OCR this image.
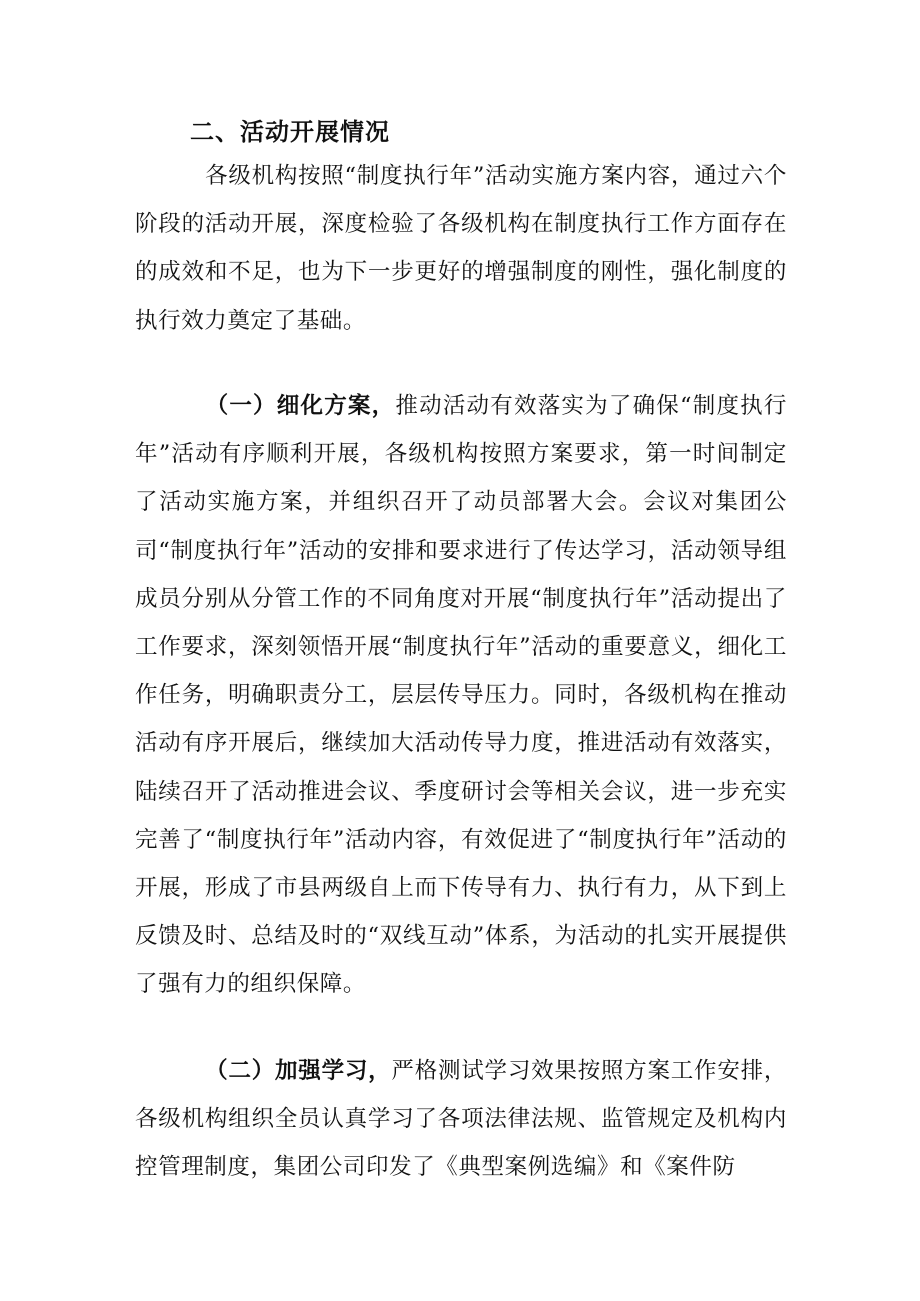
二、活动开展情况

各级机构按照“制度执行年”活动实施方案内容，通过六个阶段的活动开展，深度检验了各级机构在制度执行工作方面存在的成效和不足，也为下一步更好的增强制度的刚性，强化制度的执行效力奠定了基础。

（一）细化方案，推动活动有效落实为了确保“制度执行年”活动有序顺利开展，各级机构按照方案要求，第一时间制定了活动实施方案，并组织召开了动员部署大会。会议对集团公司“制度执行年”活动的安排和要求进行了传达学习，活动领导组成员分别从分管工作的不同角度对开展“制度执行年”活动提出了工作要求，深刻领悟开展“制度执行年”活动的重要意义，细化工作任务，明确职责分工，层层传导压力。同时，各级机构在推动活动有序开展后，继续加大活动传导力度，推进活动有效落实，陆续召开了活动推进会议、季度研讨会等相关会议，进一步充实完善了“制度执行年”活动内容，有效促进了“制度执行年”活动的开展，形成了市县两级自上而下传导有力、执行有力，从下到上反馈及时、总结及时的“双线互动”体系，为活动的扎实开展提供了强有力的组织保障。

（二）加强学习，严格测试学习效果按照方案工作安排，各级机构组织全员认真学习了各项法律法规、监管规定及机构内控管理制度，集团公司印发了《典型案例选编》和《案件防
